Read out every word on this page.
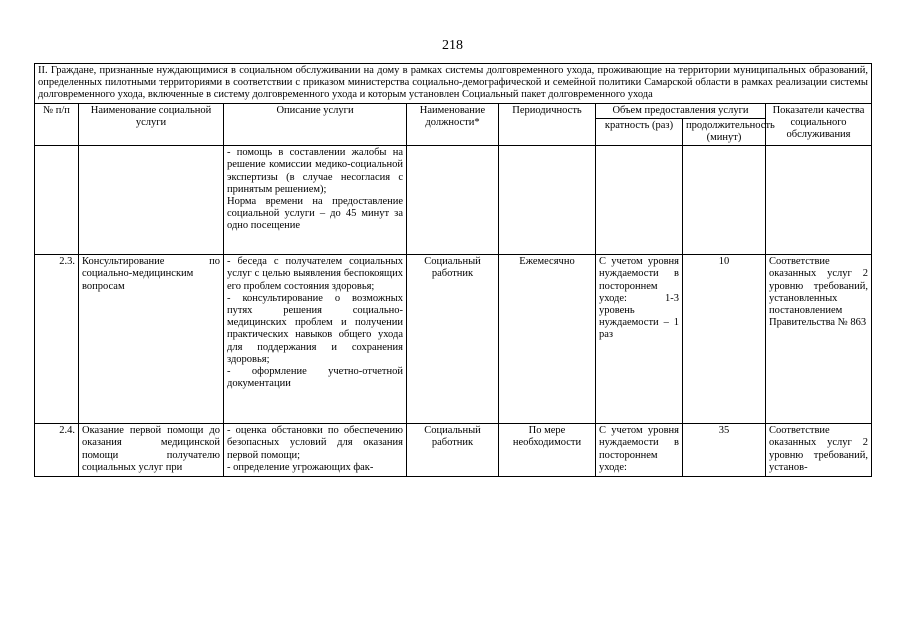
218
II. Граждане, признанные нуждающимися в социальном обслуживании на дому в рамках системы долговременного ухода, проживающие на территории муниципальных образований, определенных пилотными территориями в соответствии с приказом министерства социально-демографической и семейной политики Самарской области в рамках реализации системы долговременного ухода, включенные в систему долговременного ухода и которым установлен Социальный пакет долговременного ухода							
№ п/п	Наименование социальной услуги	Описание услуги	Наименование должности*	Периодичность	Объем предоставления услуги		Показатели качества социального обслуживания
					кратность (раз)	продолжительность (минут)	

		- помощь в составлении жалобы на решение комиссии медико-социальной экспертизы (в случае несогласия с принятым решением);
Норма времени на предоставление социальной услуги – до 45 минут за одно посещение					

2.3.	Консультирование по социально-медицинским вопросам	- беседа с получателем социальных услуг с целью выявления беспокоящих его проблем состояния здоровья;
- консультирование о возможных путях решения социально-медицинских проблем и получении практических навыков общего ухода для поддержания и сохранения здоровья;
- оформление учетно-отчетной документации	Социальный работник	Ежемесячно	С учетом уровня нуждаемости в постороннем уходе: 1-3 уровень нуждаемости – 1 раз	10	Соответствие оказанных услуг 2 уровню требований, установленных постановлением Правительства № 863
2.4.	Оказание первой помощи до оказания медицинской помощи получателю социальных услуг при	- оценка обстановки по обеспечению безопасных условий для оказания первой помощи;
- определение угрожающих фак-	Социальный работник	По мере необходимости	С учетом уровня нуждаемости в постороннем уходе:	35	Соответствие оказанных услуг 2 уровню требований, установ-
